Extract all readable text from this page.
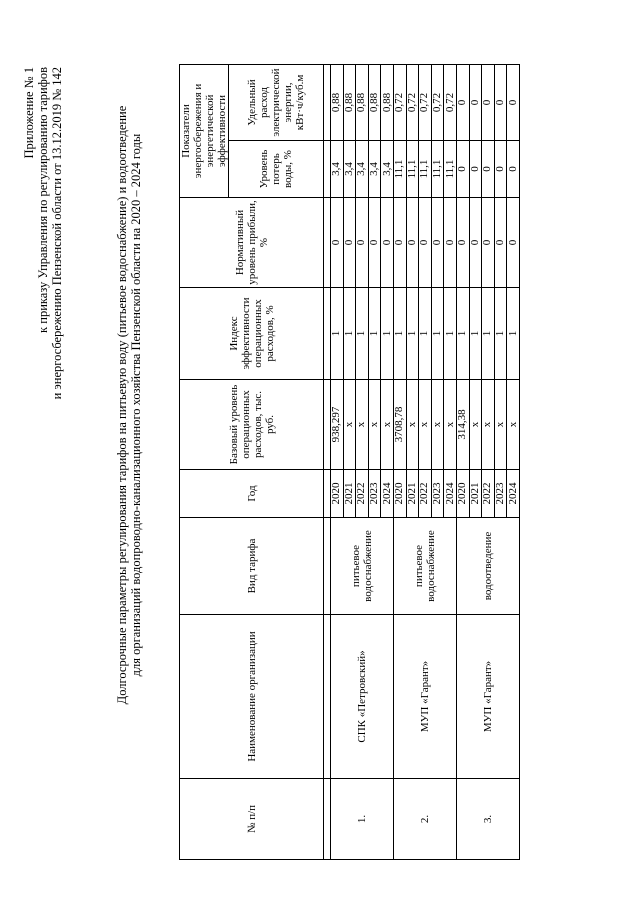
Приложение № 1 к приказу Управления по регулированию тарифов и энергосбережению Пензенской области от 13.12.2019 № 142	Долгосрочные параметры регулирования тарифов на питьевую воду (питьевое водоснабжение) и водоотведение для организаций водопроводно-канализационного хозяйства Пензенской области на 2020 – 2024 годы
№ п/п	Наименование организации	Вид тарифа	Год	Базовый уровень операционных расходов, тыс. руб.	Индекс эффективности операционных расходов, %	Нормативный уровень прибыли, %	Показатели энергосбережения и энергетической эффективности	
							Уровень потерь воды, %	Удельный расход электрической энергии, кВт·ч/куб.м

1.	СПК «Петровский»	питьевое водоснабжение	2020	938,297	1	0	3,4	0,88
			2021	х	1	0	3,4	0,88
			2022	х	1	0	3,4	0,88
			2023	х	1	0	3,4	0,88
			2024	х	1	0	3,4	0,88
2.	МУП «Гарант»	питьевое водоснабжение	2020	3708,78	1	0	11,1	0,72
			2021	х	1	0	11,1	0,72
			2022	х	1	0	11,1	0,72
			2023	х	1	0	11,1	0,72
			2024	х	1	0	11,1	0,72
3.	МУП «Гарант»	водоотведение	2020	314,38	1	0	0	0
			2021	х	1	0	0	0
			2022	х	1	0	0	0
			2023	х	1	0	0	0
			2024	х	1	0	0	0
